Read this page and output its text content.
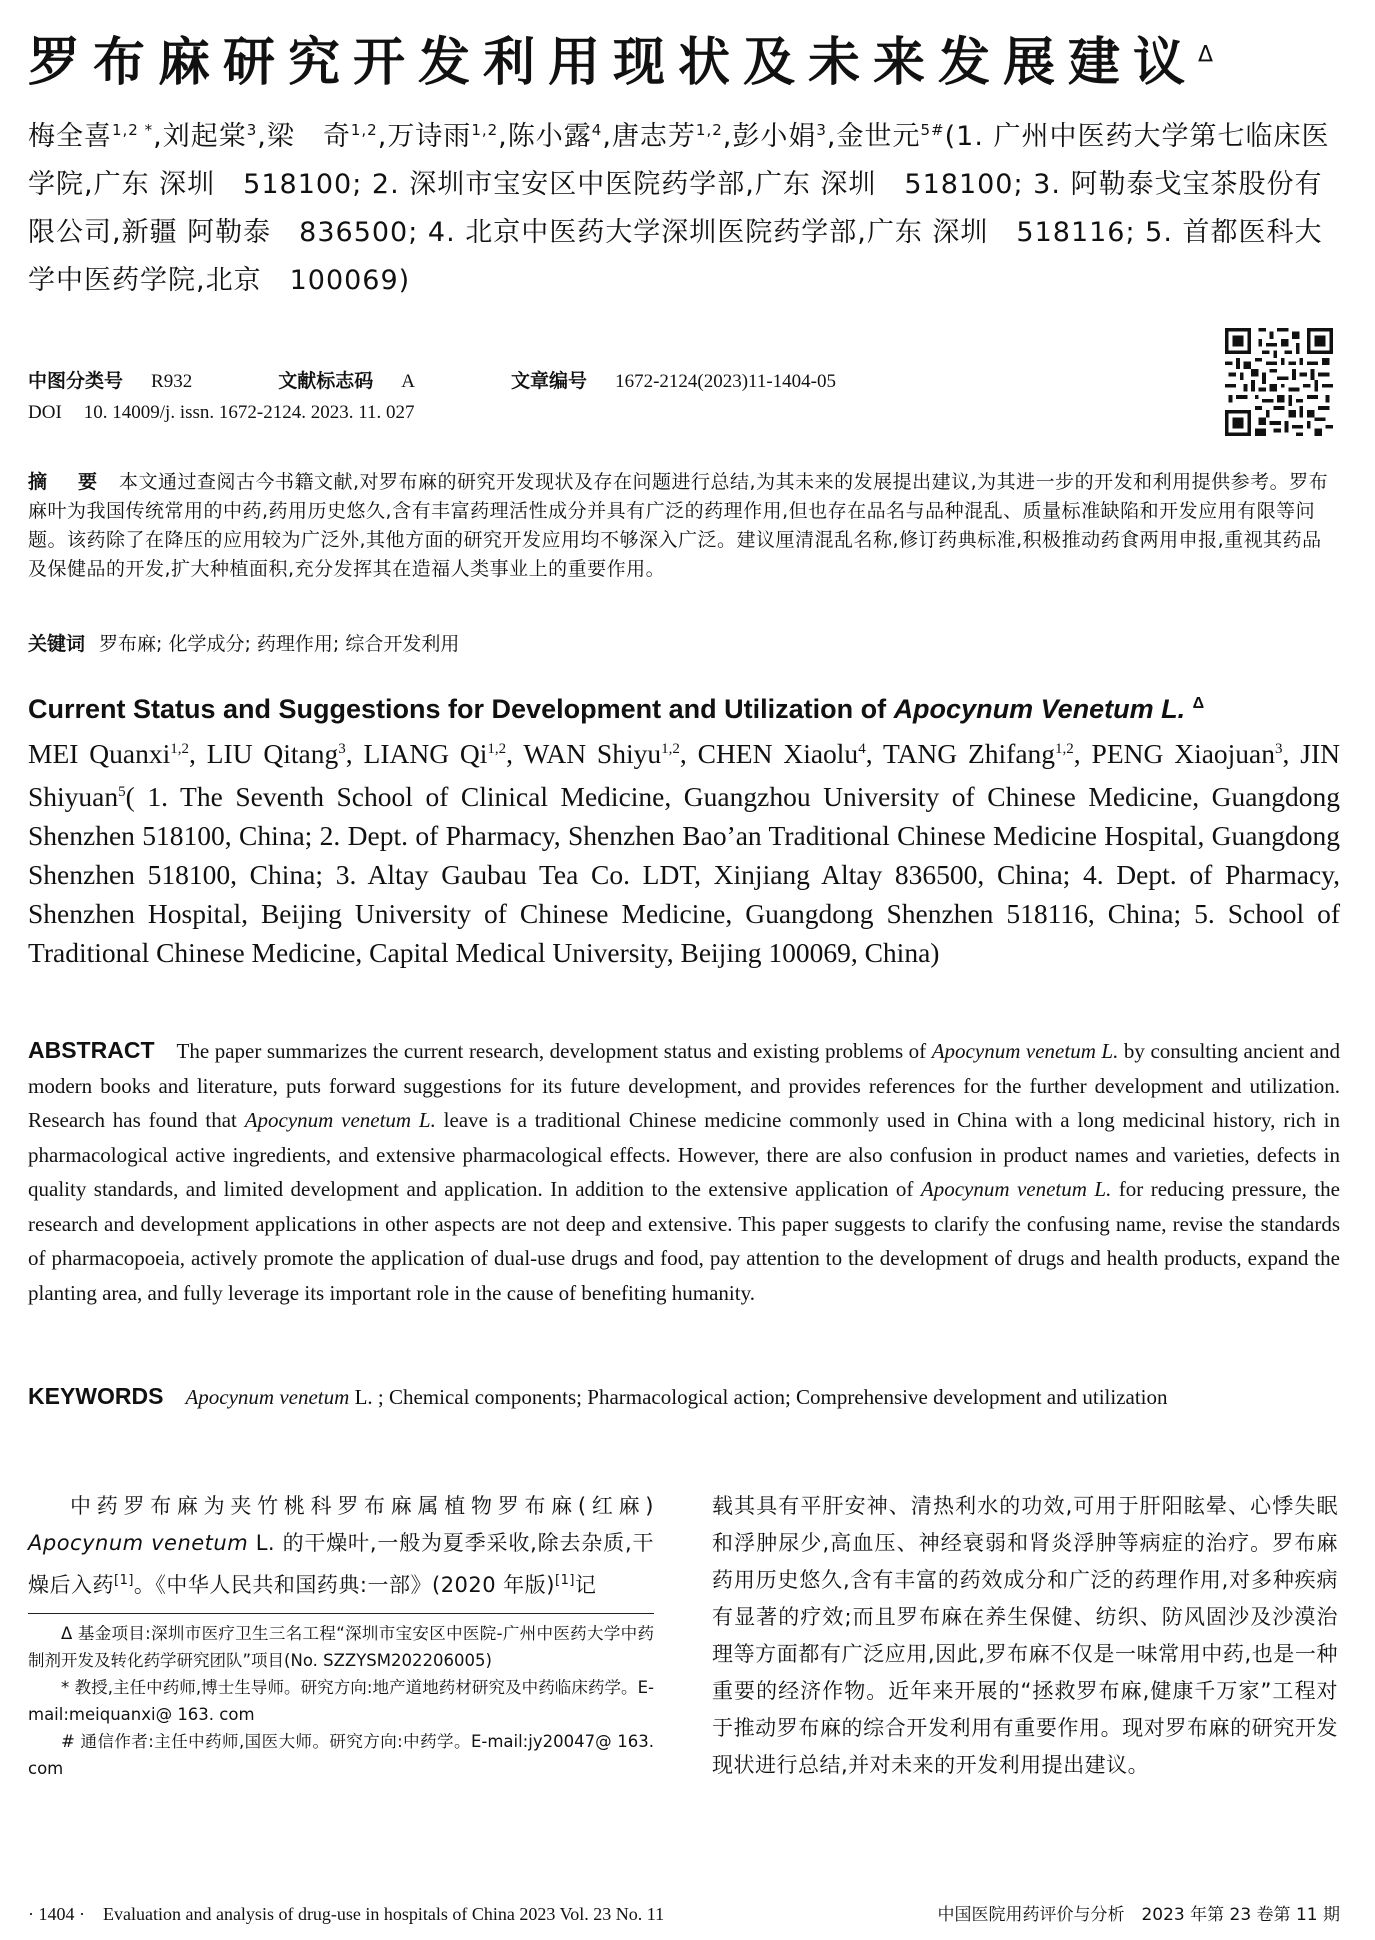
罗布麻研究开发利用现状及未来发展建议$^\Delta$
梅全喜$^{1,2 *}$,刘起棠$^3$,梁　奇$^{1,2}$,万诗雨$^{1,2}$,陈小露$^4$,唐志芳$^{1,2}$,彭小娟$^3$,金世元$^{5\#}$(1. 广州中医药大学第七临床医学院,广东 深圳　518100; 2. 深圳市宝安区中医院药学部,广东 深圳　518100; 3. 阿勒泰戈宝茶股份有限公司,新疆 阿勒泰　836500; 4. 北京中医药大学深圳医院药学部,广东 深圳　518116; 5. 首都医科大学中医药学院,北京　100069)
中图分类号 R932	文献标志码 A	文章编号 1672-2124(2023)11-1404-05
DOI 10. 14009/j. issn. 1672-2124. 2023. 11. 027
摘　要 本文通过查阅古今书籍文献,对罗布麻的研究开发现状及存在问题进行总结,为其未来的发展提出建议,为其进一步的开发和利用提供参考。罗布麻叶为我国传统常用的中药,药用历史悠久,含有丰富药理活性成分并具有广泛的药理作用,但也存在品名与品种混乱、质量标准缺陷和开发应用有限等问题。该药除了在降压的应用较为广泛外,其他方面的研究开发应用均不够深入广泛。建议厘清混乱名称,修订药典标准,积极推动药食两用申报,重视其药品及保健品的开发,扩大种植面积,充分发挥其在造福人类事业上的重要作用。
关键词 罗布麻; 化学成分; 药理作用; 综合开发利用
Current Status and Suggestions for Development and Utilization of Apocynum Venetum L. $^\Delta$
MEI Quanxi$^{1,2}$, LIU Qitang$^3$, LIANG Qi$^{1,2}$, WAN Shiyu$^{1,2}$, CHEN Xiaolu$^4$, TANG Zhifang$^{1,2}$, PENG Xiaojuan$^3$, JIN Shiyuan$^5$( 1. The Seventh School of Clinical Medicine, Guangzhou University of Chinese Medicine, Guangdong Shenzhen 518100, China; 2. Dept. of Pharmacy, Shenzhen Bao’an Traditional Chinese Medicine Hospital, Guangdong Shenzhen 518100, China; 3. Altay Gaubau Tea Co. LDT, Xinjiang Altay 836500, China; 4. Dept. of Pharmacy, Shenzhen Hospital, Beijing University of Chinese Medicine, Guangdong Shenzhen 518116, China; 5. School of Traditional Chinese Medicine, Capital Medical University, Beijing 100069, China)
ABSTRACT The paper summarizes the current research, development status and existing problems of Apocynum venetum L. by consulting ancient and modern books and literature, puts forward suggestions for its future development, and provides references for the further development and utilization. Research has found that Apocynum venetum L. leave is a traditional Chinese medicine commonly used in China with a long medicinal history, rich in pharmacological active ingredients, and extensive pharmacological effects. However, there are also confusion in product names and varieties, defects in quality standards, and limited development and application. In addition to the extensive application of Apocynum venetum L. for reducing pressure, the research and development applications in other aspects are not deep and extensive. This paper suggests to clarify the confusing name, revise the standards of pharmacopoeia, actively promote the application of dual-use drugs and food, pay attention to the development of drugs and health products, expand the planting area, and fully leverage its important role in the cause of benefiting humanity.
KEYWORDS Apocynum venetum L. ; Chemical components; Pharmacological action; Comprehensive development and utilization
中药罗布麻为夹竹桃科罗布麻属植物罗布麻(红麻) Apocynum venetum L. 的干燥叶,一般为夏季采收,除去杂质,干燥后入药[1]。《中华人民共和国药典:一部》(2020 年版)[1]记
载其具有平肝安神、清热利水的功效,可用于肝阳眩晕、心悸失眠和浮肿尿少,高血压、神经衰弱和肾炎浮肿等病症的治疗。罗布麻药用历史悠久,含有丰富的药效成分和广泛的药理作用,对多种疾病有显著的疗效;而且罗布麻在养生保健、纺织、防风固沙及沙漠治理等方面都有广泛应用,因此,罗布麻不仅是一味常用中药,也是一种重要的经济作物。近年来开展的“拯救罗布麻,健康千万家”工程对于推动罗布麻的综合开发利用有重要作用。现对罗布麻的研究开发现状进行总结,并对未来的开发利用提出建议。

Δ 基金项目:深圳市医疗卫生三名工程“深圳市宝安区中医院-广州中医药大学中药制剂开发及转化药学研究团队”项目(No. SZZYSM202206005)

* 教授,主任中药师,博士生导师。研究方向:地产道地药材研究及中药临床药学。E-mail:meiquanxi@ 163. com

# 通信作者:主任中药师,国医大师。研究方向:中药学。E-mail:jy20047@ 163. com

· 1404 ·　Evaluation and analysis of drug-use in hospitals of China 2023 Vol. 23 No. 11	中国医院用药评价与分析　2023 年第 23 卷第 11 期
